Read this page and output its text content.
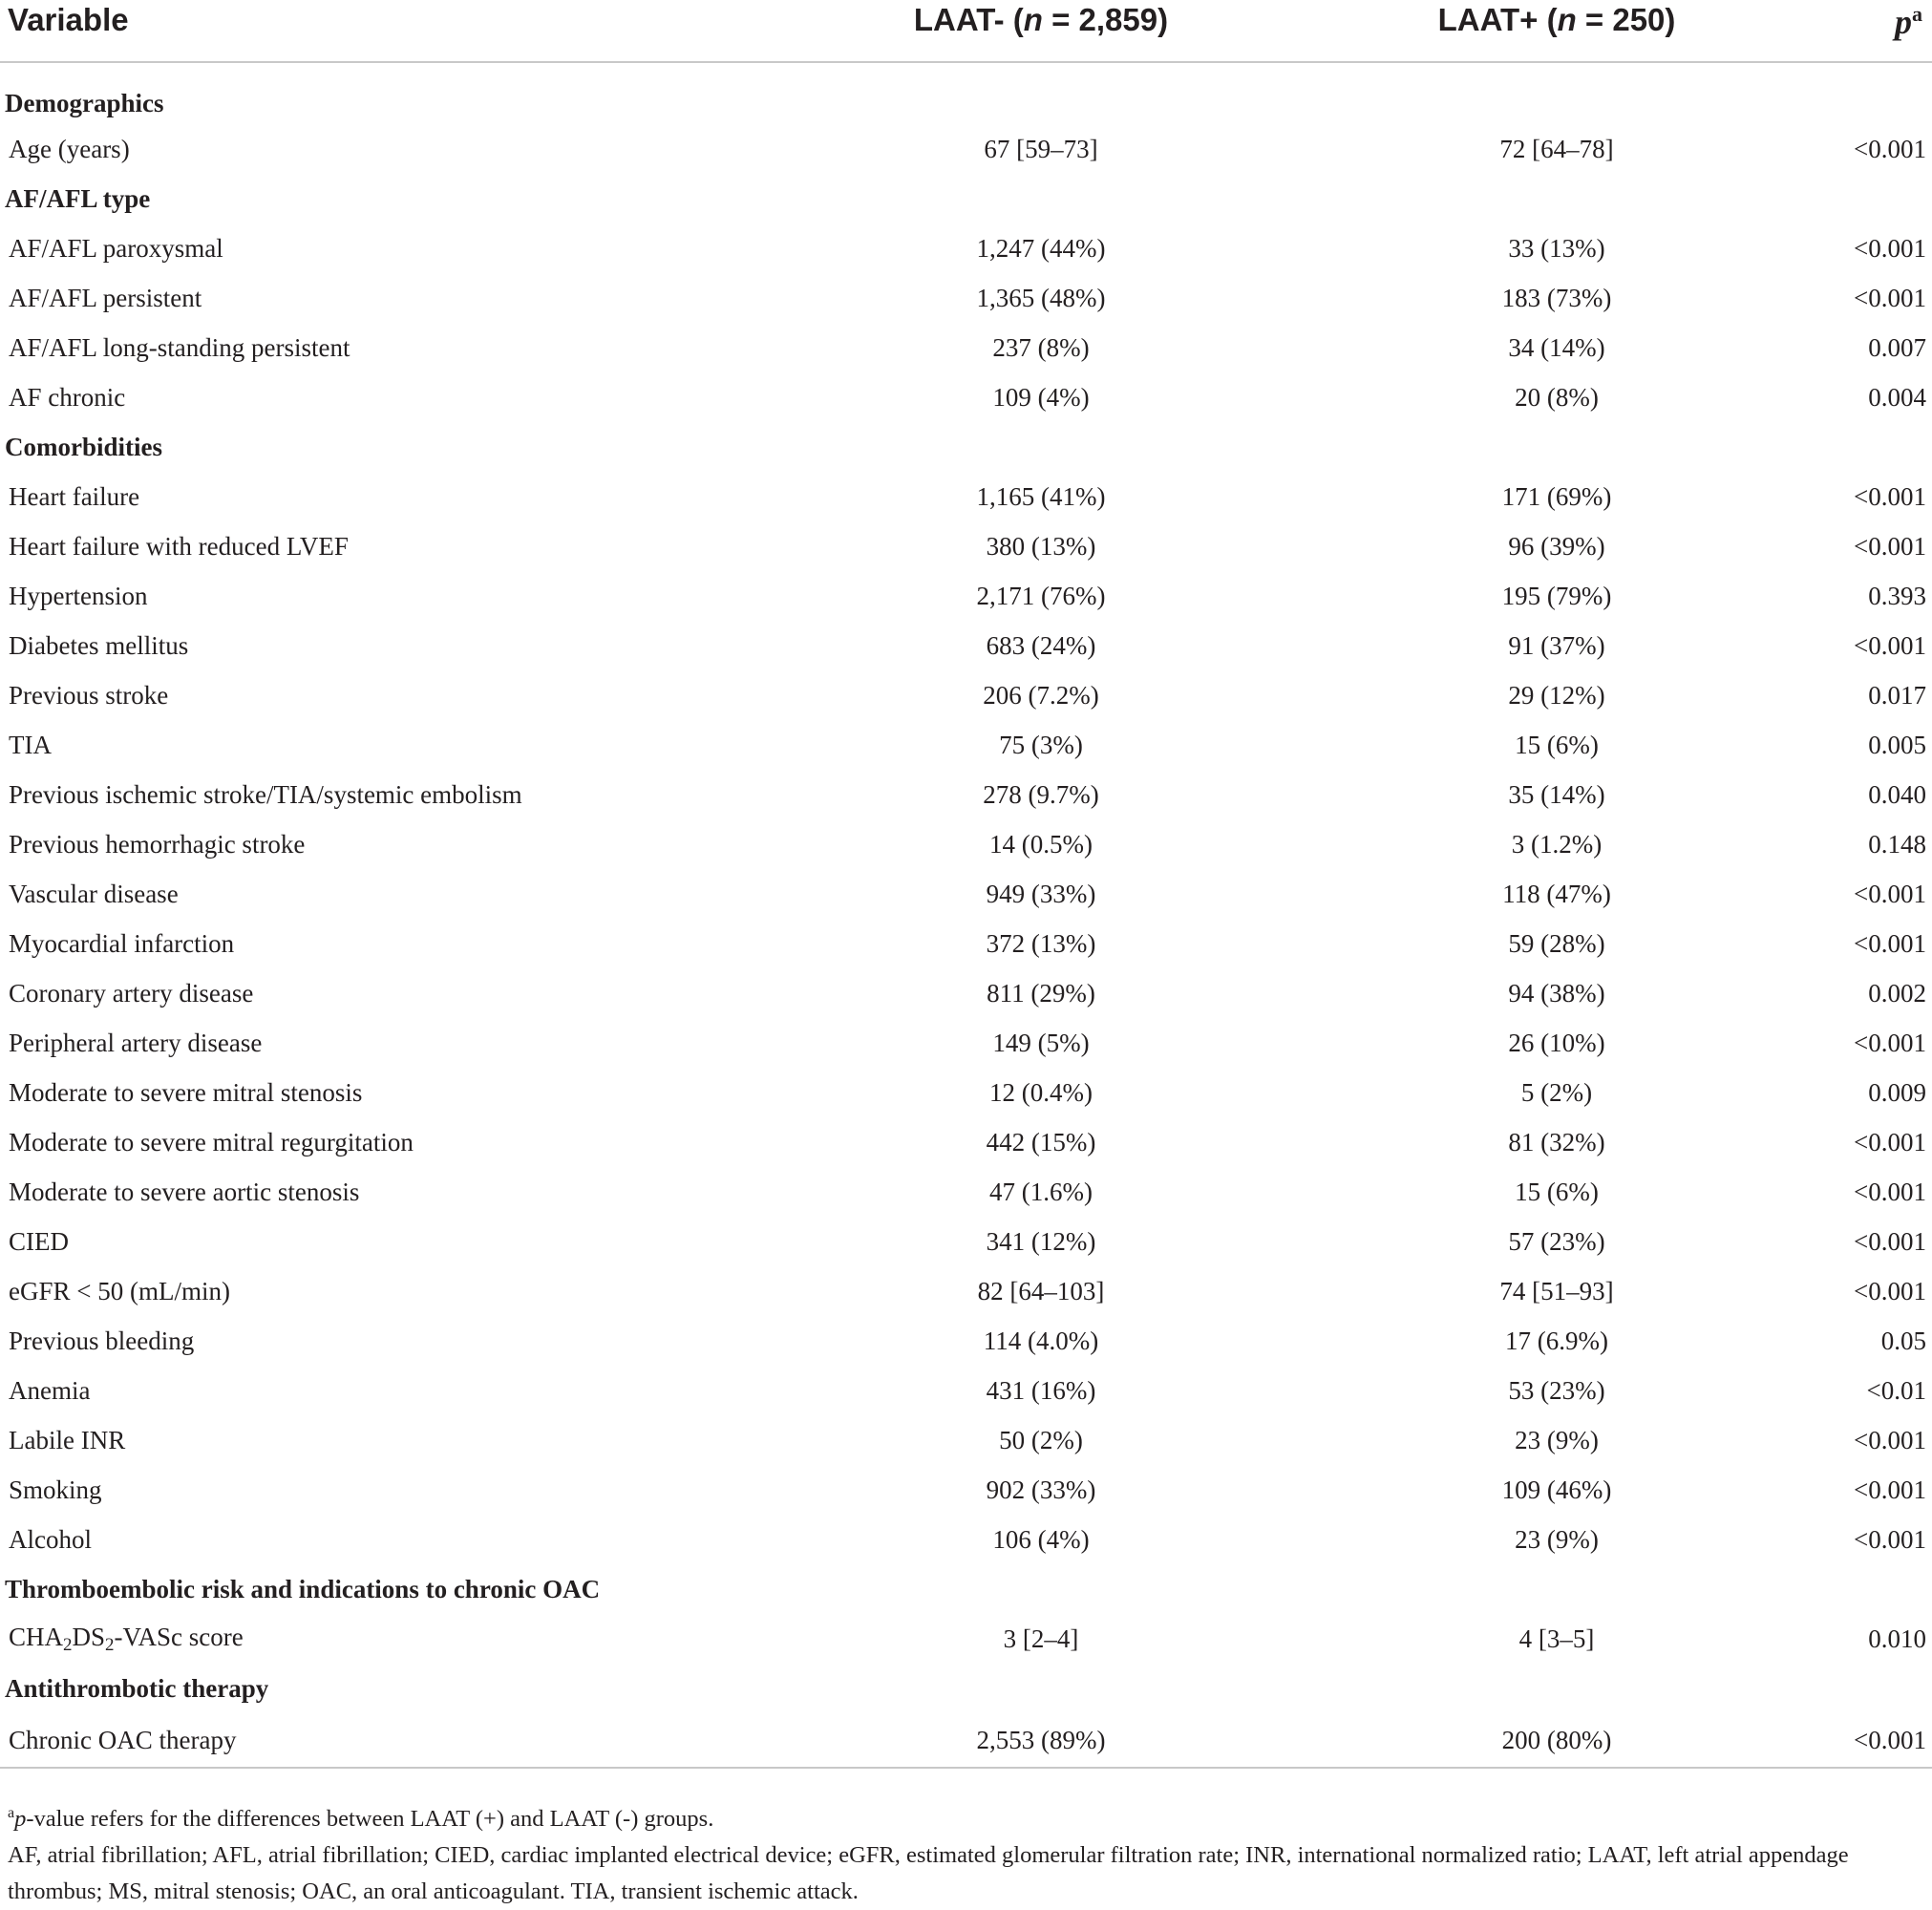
Variable	LAAT- (n = 2,859)	LAAT+ (n = 250)	$p^a$
Demographics			
Age (years)	67 [59–73]	72 [64–78]	<0.001
AF/AFL type			
AF/AFL paroxysmal	1,247 (44%)	33 (13%)	<0.001
AF/AFL persistent	1,365 (48%)	183 (73%)	<0.001
AF/AFL long-standing persistent	237 (8%)	34 (14%)	0.007
AF chronic	109 (4%)	20 (8%)	0.004
Comorbidities			
Heart failure	1,165 (41%)	171 (69%)	<0.001
Heart failure with reduced LVEF	380 (13%)	96 (39%)	<0.001
Hypertension	2,171 (76%)	195 (79%)	0.393
Diabetes mellitus	683 (24%)	91 (37%)	<0.001
Previous stroke	206 (7.2%)	29 (12%)	0.017
TIA	75 (3%)	15 (6%)	0.005
Previous ischemic stroke/TIA/systemic embolism	278 (9.7%)	35 (14%)	0.040
Previous hemorrhagic stroke	14 (0.5%)	3 (1.2%)	0.148
Vascular disease	949 (33%)	118 (47%)	<0.001
Myocardial infarction	372 (13%)	59 (28%)	<0.001
Coronary artery disease	811 (29%)	94 (38%)	0.002
Peripheral artery disease	149 (5%)	26 (10%)	<0.001
Moderate to severe mitral stenosis	12 (0.4%)	5 (2%)	0.009
Moderate to severe mitral regurgitation	442 (15%)	81 (32%)	<0.001
Moderate to severe aortic stenosis	47 (1.6%)	15 (6%)	<0.001
CIED	341 (12%)	57 (23%)	<0.001
eGFR < 50 (mL/min)	82 [64–103]	74 [51–93]	<0.001
Previous bleeding	114 (4.0%)	17 (6.9%)	0.05
Anemia	431 (16%)	53 (23%)	<0.01
Labile INR	50 (2%)	23 (9%)	<0.001
Smoking	902 (33%)	109 (46%)	<0.001
Alcohol	106 (4%)	23 (9%)	<0.001
Thromboembolic risk and indications to chronic OAC			
$CHA_2DS_2$-VASc score	3 [2–4]	4 [3–5]	0.010
Antithrombotic therapy			
Chronic OAC therapy	2,553 (89%)	200 (80%)	<0.001
$^a$p-value refers for the differences between LAAT (+) and LAAT (-) groups.
AF, atrial fibrillation; AFL, atrial fibrillation; CIED, cardiac implanted electrical device; eGFR, estimated glomerular filtration rate; INR, international normalized ratio; LAAT, left atrial appendage thrombus; MS, mitral stenosis; OAC, an oral anticoagulant. TIA, transient ischemic attack.
